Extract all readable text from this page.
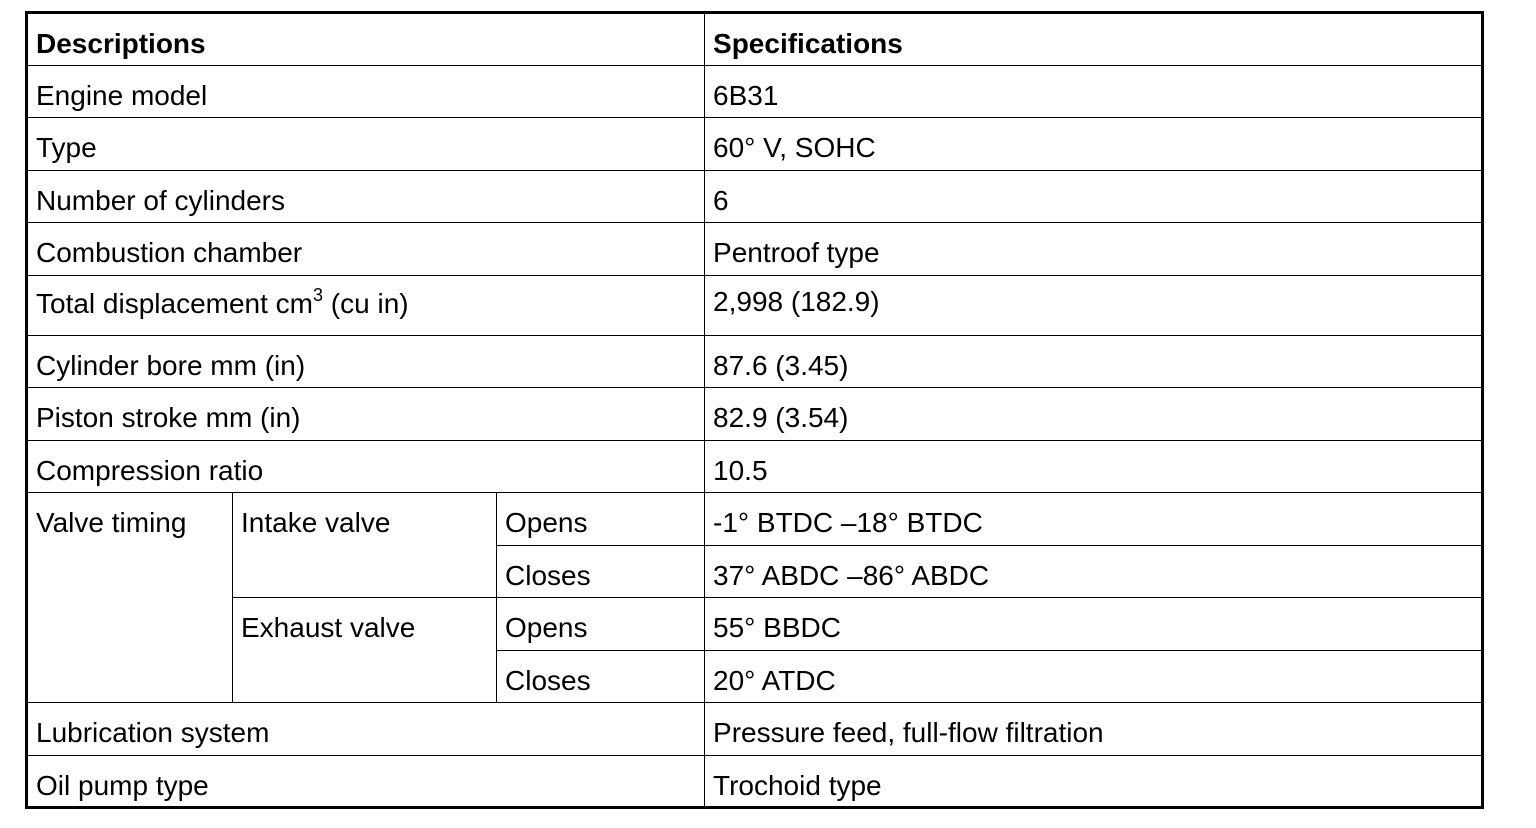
Descriptions			Specifications
Engine model			6B31
Type			60° V, SOHC
Number of cylinders			6
Combustion chamber			Pentroof type
Total displacement $cm^3$ (cu in)			2,998 (182.9)
Cylinder bore mm (in)			87.6 (3.45)
Piston stroke mm (in)			82.9 (3.54)
Compression ratio			10.5
Valve timing	Intake valve	Opens	-1° BTDC –18° BTDC
		Closes	37° ABDC –86° ABDC
	Exhaust valve	Opens	55° BBDC
		Closes	20° ATDC
Lubrication system			Pressure feed, full-flow filtration
Oil pump type			Trochoid type
